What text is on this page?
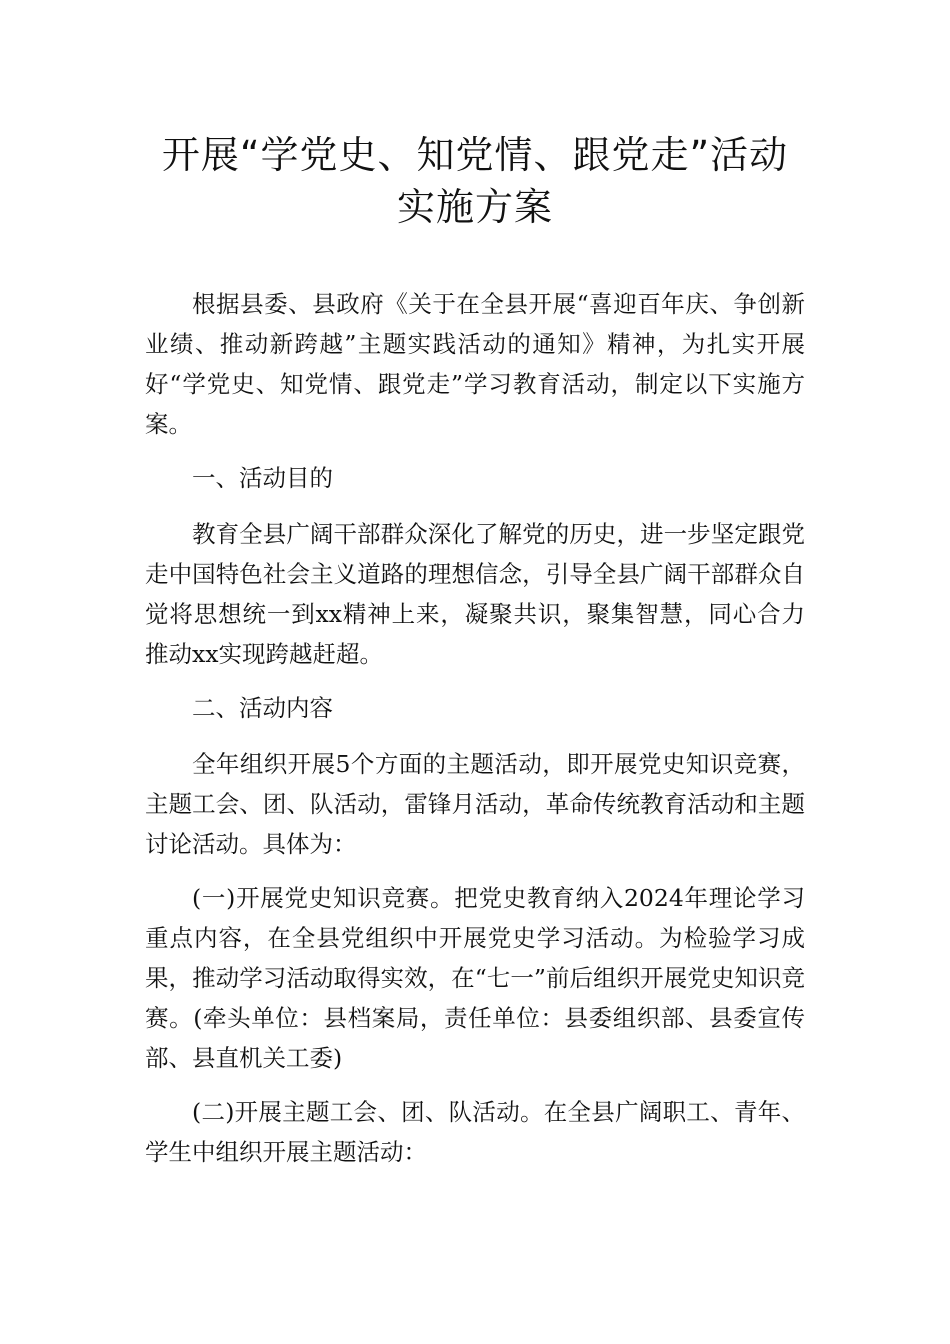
开展“学党史、知党情、跟党走”活动
实施方案

根据县委、县政府《关于在全县开展“喜迎百年庆、争创新业绩、推动新跨越”主题实践活动的通知》精神，为扎实开展好“学党史、知党情、跟党走”学习教育活动，制定以下实施方案。

一、活动目的

教育全县广阔干部群众深化了解党的历史，进一步坚定跟党走中国特色社会主义道路的理想信念，引导全县广阔干部群众自觉将思想统一到xx精神上来，凝聚共识，聚集智慧，同心合力推动xx实现跨越赶超。

二、活动内容

全年组织开展5个方面的主题活动，即开展党史知识竞赛，主题工会、团、队活动，雷锋月活动，革命传统教育活动和主题讨论活动。具体为：

(一)开展党史知识竞赛。把党史教育纳入2024年理论学习重点内容，在全县党组织中开展党史学习活动。为检验学习成果，推动学习活动取得实效，在“七一”前后组织开展党史知识竞赛。(牵头单位：县档案局，责任单位：县委组织部、县委宣传部、县直机关工委)

(二)开展主题工会、团、队活动。在全县广阔职工、青年、学生中组织开展主题活动：
